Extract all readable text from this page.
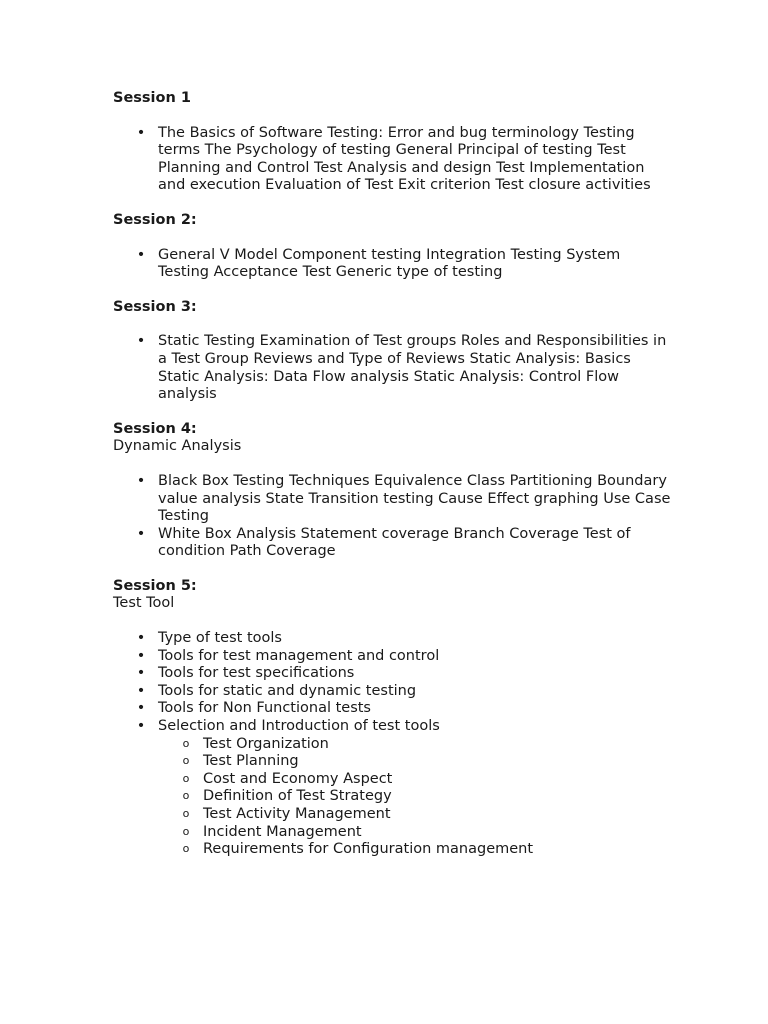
Session 1

• The Basics of Software Testing: Error and bug terminology Testing terms The Psychology of testing General Principal of testing Test Planning and Control Test Analysis and design Test Implementation and execution Evaluation of Test Exit criterion Test closure activities

Session 2:

• General V Model Component testing Integration Testing System Testing Acceptance Test Generic type of testing

Session 3:

• Static Testing Examination of Test groups Roles and Responsibilities in a Test Group Reviews and Type of Reviews Static Analysis: Basics Static Analysis: Data Flow analysis Static Analysis: Control Flow analysis

Session 4:

Dynamic Analysis

• Black Box Testing Techniques Equivalence Class Partitioning Boundary value analysis State Transition testing Cause Effect graphing Use Case Testing
• White Box Analysis Statement coverage Branch Coverage Test of condition Path Coverage

Session 5:

Test Tool

• Type of test tools
• Tools for test management and control
• Tools for test specifications
• Tools for static and dynamic testing
• Tools for Non Functional tests
• Selection and Introduction of test tools
o Test Organization
o Test Planning
o Cost and Economy Aspect
o Definition of Test Strategy
o Test Activity Management
o Incident Management
o Requirements for Configuration management
